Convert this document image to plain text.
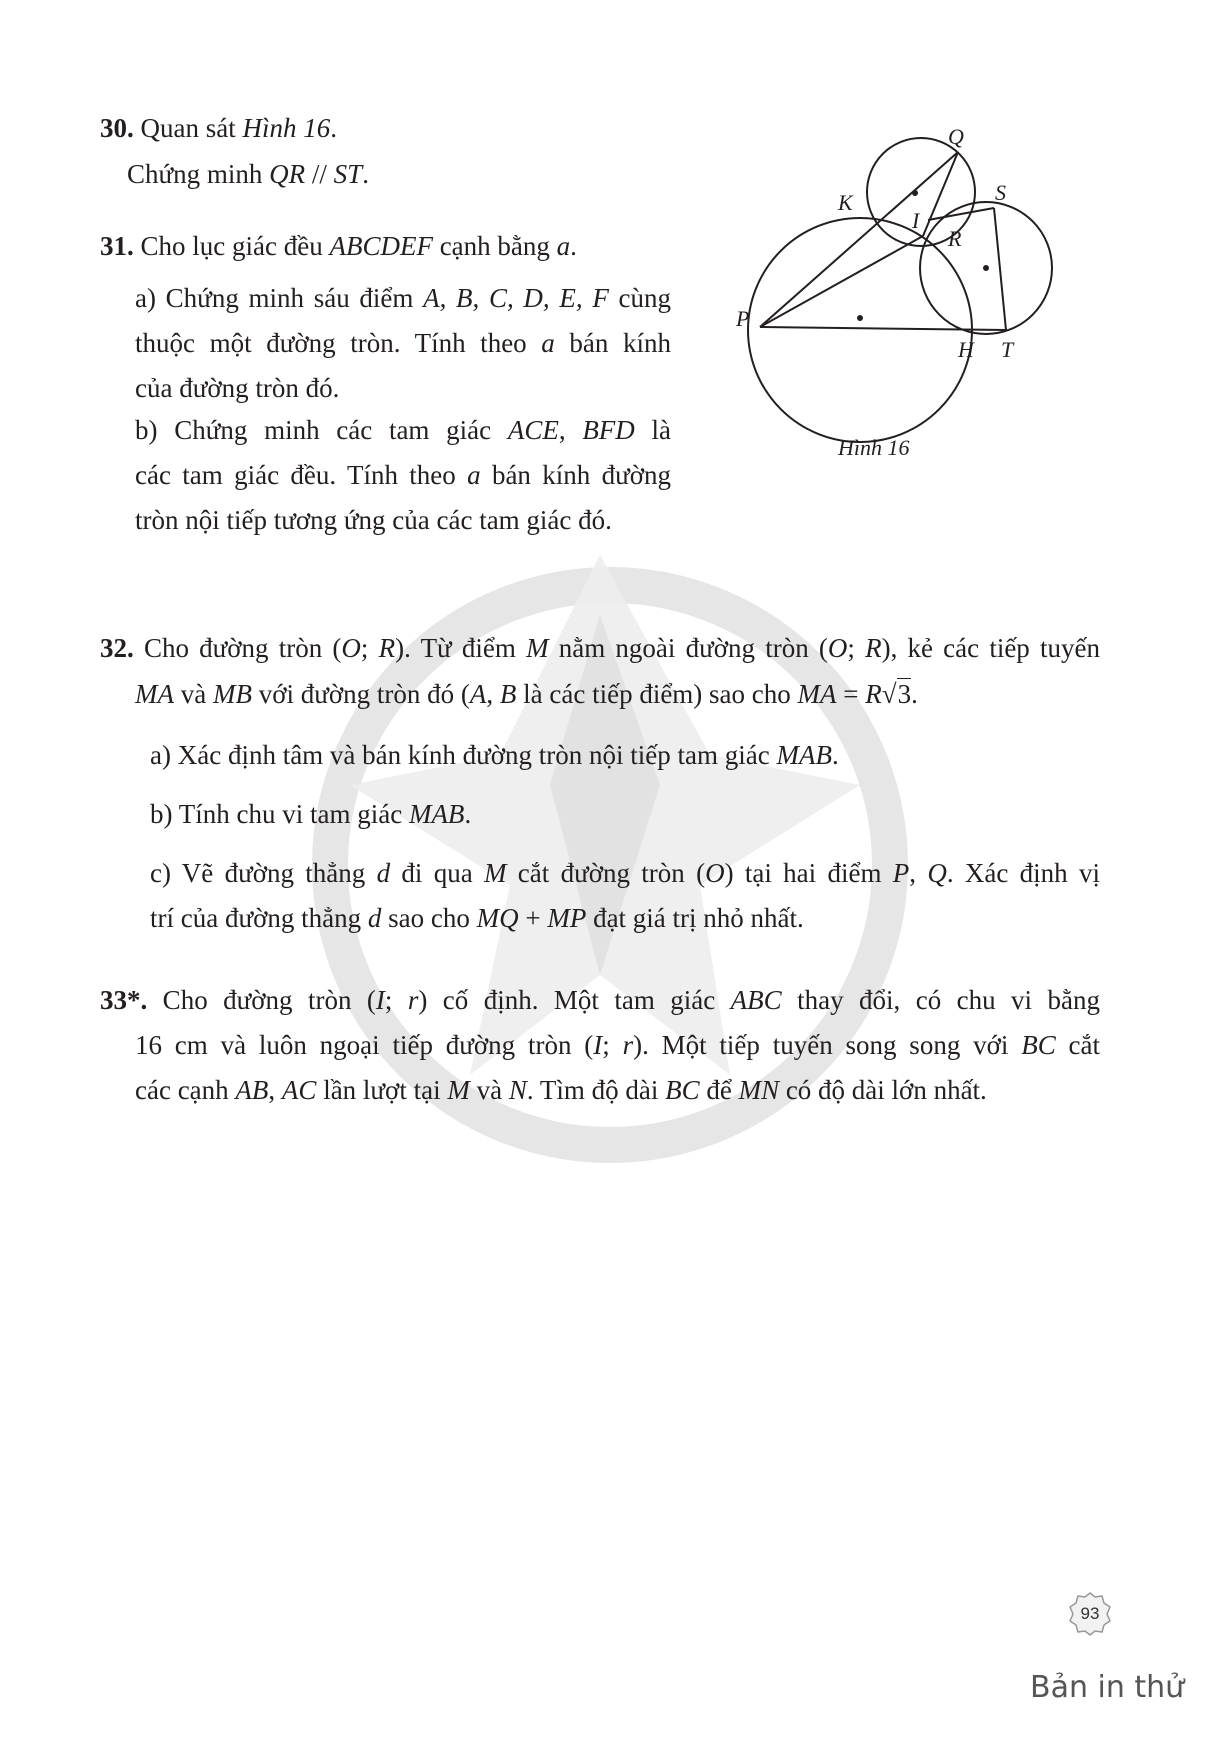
30. Quan sát Hình 16.
Chứng minh QR // ST.
31. Cho lục giác đều ABCDEF cạnh bằng a.
a) Chứng minh sáu điểm A, B, C, D, E, F cùng
thuộc một đường tròn. Tính theo a bán kính
của đường tròn đó.
b) Chứng minh các tam giác ACE, BFD là
các tam giác đều. Tính theo a bán kính đường
tròn nội tiếp tương ứng của các tam giác đó.
Q
S
K
I
R
P
H T
Hình 16
32. Cho đường tròn (O; R). Từ điểm M nằm ngoài đường tròn (O; R), kẻ các tiếp tuyến
MA và MB với đường tròn đó (A, B là các tiếp điểm) sao cho MA = R√3.
a) Xác định tâm và bán kính đường tròn nội tiếp tam giác MAB.
b) Tính chu vi tam giác MAB.
c) Vẽ đường thẳng d đi qua M cắt đường tròn (O) tại hai điểm P, Q. Xác định vị
trí của đường thẳng d sao cho MQ + MP đạt giá trị nhỏ nhất.
33*. Cho đường tròn (I; r) cố định. Một tam giác ABC thay đổi, có chu vi bằng
16 cm và luôn ngoại tiếp đường tròn (I; r). Một tiếp tuyến song song với BC cắt
các cạnh AB, AC lần lượt tại M và N. Tìm độ dài BC để MN có độ dài lớn nhất.
93
Bản in thử
